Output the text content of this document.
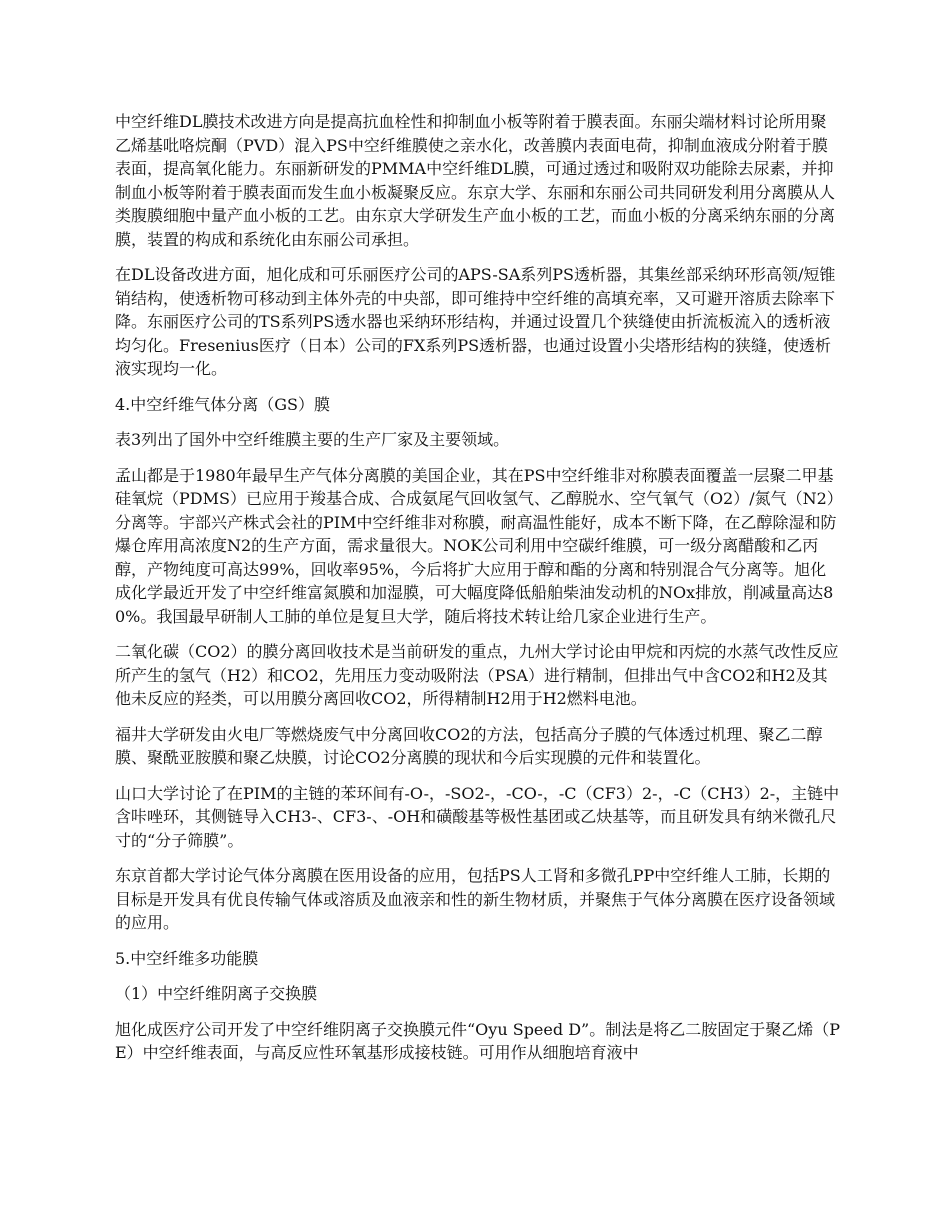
中空纤维DL膜技术改进方向是提高抗血栓性和抑制血小板等附着于膜表面。东丽尖端材料讨论所用聚乙烯基吡咯烷酮（PVD）混入PS中空纤维膜使之亲水化，改善膜内表面电荷，抑制血液成分附着于膜表面，提高氧化能力。东丽新研发的PMMA中空纤维DL膜，可通过透过和吸附双功能除去尿素，并抑制血小板等附着于膜表面而发生血小板凝聚反应。东京大学、东丽和东丽公司共同研发利用分离膜从人类腹膜细胞中量产血小板的工艺。由东京大学研发生产血小板的工艺，而血小板的分离采纳东丽的分离膜，装置的构成和系统化由东丽公司承担。

在DL设备改进方面，旭化成和可乐丽医疗公司的APS-SA系列PS透析器，其集丝部采纳环形高领/短锥销结构，使透析物可移动到主体外壳的中央部，即可维持中空纤维的高填充率，又可避开溶质去除率下降。东丽医疗公司的TS系列PS透水器也采纳环形结构，并通过设置几个狭缝使由折流板流入的透析液均匀化。Fresenius医疗（日本）公司的FX系列PS透析器，也通过设置小尖塔形结构的狭缝，使透析液实现均一化。

4.中空纤维气体分离（GS）膜

表3列出了国外中空纤维膜主要的生产厂家及主要领域。

孟山都是于1980年最早生产气体分离膜的美国企业，其在PS中空纤维非对称膜表面覆盖一层聚二甲基硅氧烷（PDMS）已应用于羧基合成、合成氨尾气回收氢气、乙醇脱水、空气氧气（O2）/氮气（N2）分离等。宇部兴产株式会社的PIM中空纤维非对称膜，耐高温性能好，成本不断下降，在乙醇除湿和防爆仓库用高浓度N2的生产方面，需求量很大。NOK公司利用中空碳纤维膜，可一级分离醋酸和乙丙醇，产物纯度可高达99%，回收率95%，今后将扩大应用于醇和酯的分离和特别混合气分离等。旭化成化学最近开发了中空纤维富氮膜和加湿膜，可大幅度降低船舶柴油发动机的NOx排放，削减量高达80%。我国最早研制人工肺的单位是复旦大学，随后将技术转让给几家企业进行生产。

二氧化碳（CO2）的膜分离回收技术是当前研发的重点，九州大学讨论由甲烷和丙烷的水蒸气改性反应所产生的氢气（H2）和CO2，先用压力变动吸附法（PSA）进行精制，但排出气中含CO2和H2及其他未反应的羟类，可以用膜分离回收CO2，所得精制H2用于H2燃料电池。

福井大学研发由火电厂等燃烧废气中分离回收CO2的方法，包括高分子膜的气体透过机理、聚乙二醇膜、聚酰亚胺膜和聚乙炔膜，讨论CO2分离膜的现状和今后实现膜的元件和装置化。

山口大学讨论了在PIM的主链的苯环间有-O-，-SO2-，-CO-，-C（CF3）2-，-C（CH3）2-，主链中含咔唑环，其侧链导入CH3-、CF3-、-OH和磺酸基等极性基团或乙炔基等，而且研发具有纳米微孔尺寸的“分子筛膜”。

东京首都大学讨论气体分离膜在医用设备的应用，包括PS人工肾和多微孔PP中空纤维人工肺，长期的目标是开发具有优良传输气体或溶质及血液亲和性的新生物材质，并聚焦于气体分离膜在医疗设备领域的应用。

5.中空纤维多功能膜

（1）中空纤维阴离子交换膜

旭化成医疗公司开发了中空纤维阴离子交换膜元件“Oyu Speed D”。制法是将乙二胺固定于聚乙烯（PE）中空纤维表面，与高反应性环氧基形成接枝链。可用作从细胞培育液中
